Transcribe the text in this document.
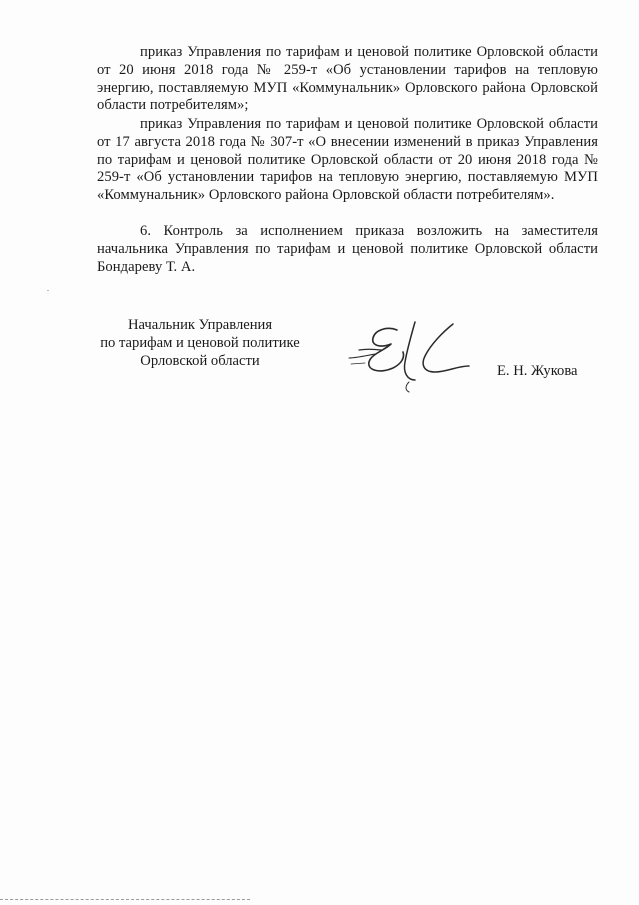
приказ Управления по тарифам и ценовой политике Орловской области от 20 июня 2018 года № 259-т «Об установлении тарифов на тепловую энергию, поставляемую МУП «Коммунальник» Орловского района Орловской области потребителям»;

приказ Управления по тарифам и ценовой политике Орловской области от 17 августа 2018 года № 307-т «О внесении изменений в приказ Управления по тарифам и ценовой политике Орловской области от 20 июня 2018 года № 259-т «Об установлении тарифов на тепловую энергию, поставляемую МУП «Коммунальник» Орловского района Орловской области потребителям».

6. Контроль за исполнением приказа возложить на заместителя начальника Управления по тарифам и ценовой политике Орловской области Бондареву Т. А.

Начальник Управления
по тарифам и ценовой политике
Орловской области
Е. Н. Жукова
